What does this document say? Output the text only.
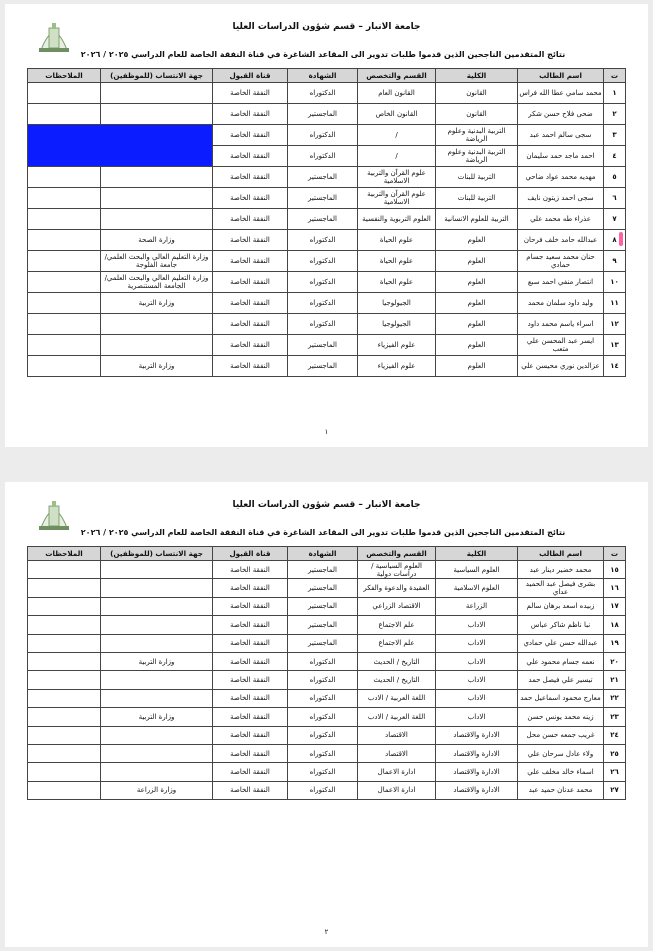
جامعة الانبار – قسم شؤون الدراسات العليا
نتائج المتقدمين الناجحين الذين قدموا طلبات تدوير الى المقاعد الشاغرة في قناة النفقة الخاصة للعام الدراسي ٢٠٢٥ / ٢٠٢٦
ت	اسم الطالب	الكلية	القسم والتخصص	الشهادة	قناة القبول	جهة الانتساب (للموظفين)	الملاحظات
١	محمد سامي عطا الله فراس	القانون	القانون العام	الدكتوراه	النفقة الخاصة		
٢	ضحى فلاح حسن شكر	القانون	القانون الخاص	الماجستير	النفقة الخاصة		
٣	سجى سالم احمد عبد	التربية البدنية وعلوم الرياضة	/	الدكتوراه	النفقة الخاصة		
٤	احمد ماجد حمد سليمان	التربية البدنية وعلوم الرياضة	/	الدكتوراه	النفقة الخاصة		
٥	مهديه محمد عواد ضاحي	التربية للبنات	علوم القرآن والتربية الاسلامية	الماجستير	النفقة الخاصة		
٦	سجى احمد زيتون نايف	التربية للبنات	علوم القرآن والتربية الاسلامية	الماجستير	النفقة الخاصة		
٧	عذراء طه محمد علي	التربية للعلوم الانسانية	العلوم التربوية والنفسية	الماجستير	النفقة الخاصة		
٨	عبدالله حامد خلف فرحان	العلوم	علوم الحياة	الدكتوراه	النفقة الخاصة	وزارة الصحة	
٩	حنان محمد سعيد جسام حمادي	العلوم	علوم الحياة	الدكتوراه	النفقة الخاصة	وزارة التعليم العالي والبحث العلمي/ جامعة الفلوجة	
١٠	انتصار منفي احمد سبع	العلوم	علوم الحياة	الدكتوراه	النفقة الخاصة	وزارة التعليم العالي والبحث العلمي/ الجامعة المستنصرية	
١١	وليد داود سلمان محمد	العلوم	الجيولوجيا	الدكتوراه	النفقة الخاصة	وزارة التربية	
١٢	اسراء ياسم محمد داود	العلوم	الجيولوجيا	الدكتوراه	النفقة الخاصة		
١٣	ايسر عبد المحسن علي متعب	العلوم	علوم الفيزياء	الماجستير	النفقة الخاصة		
١٤	عزالدين نوري محيسن علي	العلوم	علوم الفيزياء	الماجستير	النفقة الخاصة	وزارة التربية	
١
جامعة الانبار – قسم شؤون الدراسات العليا
نتائج المتقدمين الناجحين الذين قدموا طلبات تدوير الى المقاعد الشاغرة في قناة النفقة الخاصة للعام الدراسي ٢٠٢٥ / ٢٠٢٦
ت	اسم الطالب	الكلية	القسم والتخصص	الشهادة	قناة القبول	جهة الانتساب (للموظفين)	الملاحظات
١٥	محمد خضير دينار عبد	العلوم السياسية	العلوم السياسية / دراسات دولية	الماجستير	النفقة الخاصة		
١٦	بشرى فيصل عبد الحميد عداي	العلوم الاسلامية	العقيدة والدعوة والفكر	الماجستير	النفقة الخاصة		
١٧	زبيده اسعد برهان سالم	الزراعة	الاقتصاد الزراعي	الماجستير	النفقة الخاصة		
١٨	نبا ناظم شاكر عباس	الاداب	علم الاجتماع	الماجستير	النفقة الخاصة		
١٩	عبدالله حسن علي حمادي	الاداب	علم الاجتماع	الماجستير	النفقة الخاصة		
٢٠	نعمه جسام محمود علي	الاداب	التاريخ / الحديث	الدكتوراه	النفقة الخاصة	وزارة التربية	
٢١	تيسير علي فيصل حمد	الاداب	التاريخ / الحديث	الدكتوراه	النفقة الخاصة		
٢٢	معارج محمود اسماعيل حمد	الاداب	اللغة العربية / الادب	الدكتوراه	النفقة الخاصة		
٢٣	زينه محمد يونس حسن	الاداب	اللغة العربية / الادب	الدكتوراه	النفقة الخاصة	وزارة التربية	
٢٤	غريب جمعه حسن محل	الادارة والاقتصاد	الاقتصاد	الدكتوراه	النفقة الخاصة		
٢٥	ولاء عادل سرحان علي	الادارة والاقتصاد	الاقتصاد	الدكتوراه	النفقة الخاصة		
٢٦	اسماء خالد مخلف علي	الادارة والاقتصاد	ادارة الاعمال	الدكتوراه	النفقة الخاصة		
٢٧	محمد عدنان حميد عبد	الادارة والاقتصاد	ادارة الاعمال	الدكتوراه	النفقة الخاصة	وزارة الزراعة	
٢
